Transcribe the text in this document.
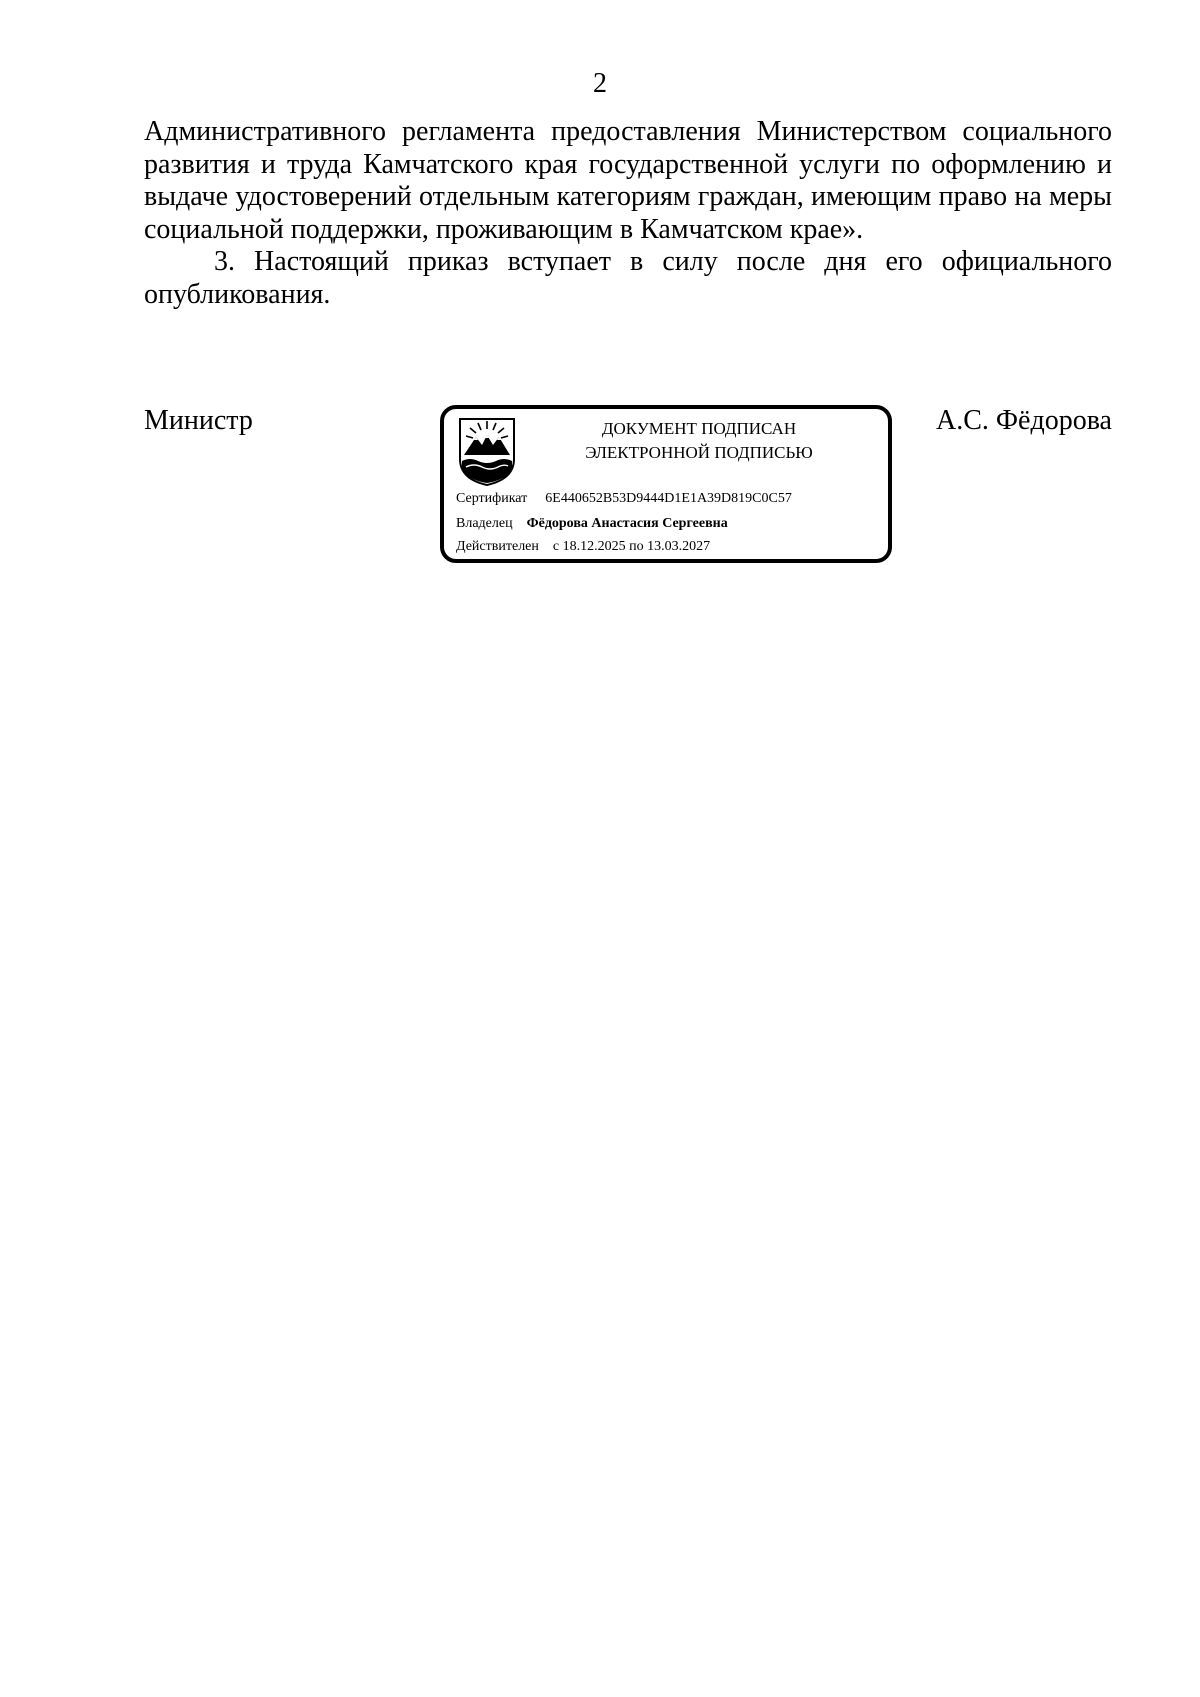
2

Административного регламента предоставления Министерством социального развития и труда Камчатского края государственной услуги по оформлению и выдаче удостоверений отдельным категориям граждан, имеющим право на меры социальной поддержки, проживающим в Камчатском крае».

3. Настоящий приказ вступает в силу после дня его официального опубликования.

Министр	ДОКУМЕНТ ПОДПИСАН
ЭЛЕКТРОННОЙ ПОДПИСЬЮ
Сертификат 6E440652B53D9444D1E1A39D819C0C57
Владелец Фёдорова Анастасия Сергеевна
Действителен с 18.12.2025 по 13.03.2027
А.С. Фёдорова
